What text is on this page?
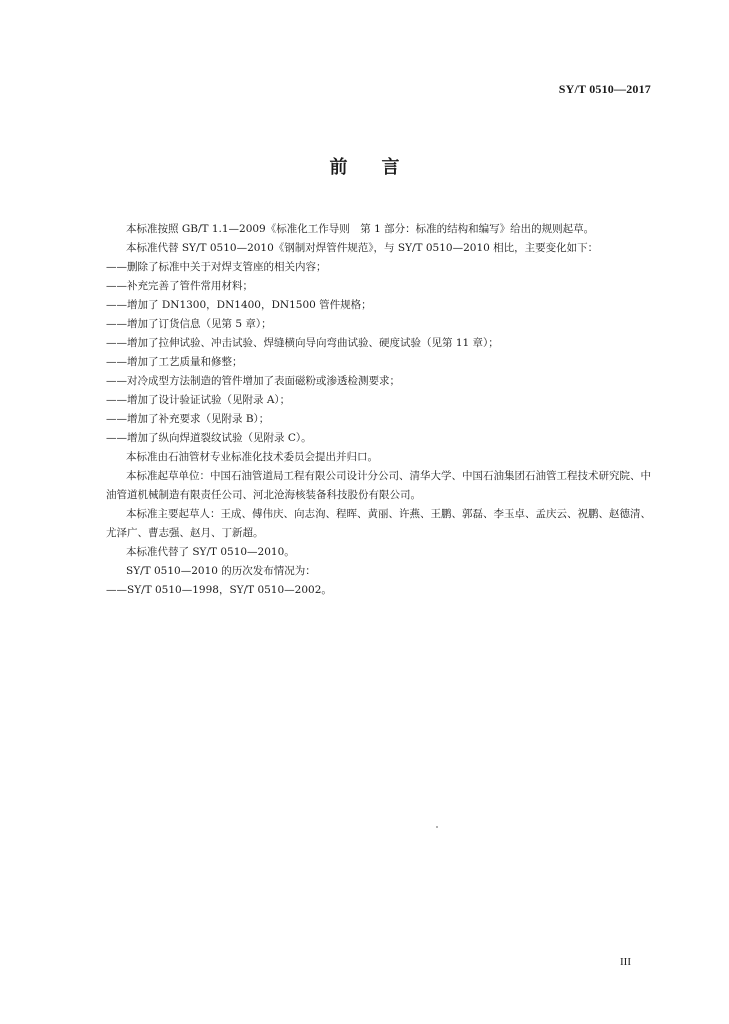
SY/T 0510—2017
前言
本标准按照 GB/T 1.1—2009《标准化工作导则　第 1 部分：标准的结构和编写》给出的规则起草。
本标准代替 SY/T 0510—2010《钢制对焊管件规范》，与 SY/T 0510—2010 相比，主要变化如下：
——删除了标准中关于对焊支管座的相关内容；
——补充完善了管件常用材料；
——增加了 DN1300，DN1400，DN1500 管件规格；
——增加了订货信息（见第 5 章）；
——增加了拉伸试验、冲击试验、焊缝横向导向弯曲试验、硬度试验（见第 11 章）；
——增加了工艺质量和修整；
——对冷成型方法制造的管件增加了表面磁粉或渗透检测要求；
——增加了设计验证试验（见附录 A）；
——增加了补充要求（见附录 B）；
——增加了纵向焊道裂纹试验（见附录 C）。
本标准由石油管材专业标准化技术委员会提出并归口。
本标准起草单位：中国石油管道局工程有限公司设计分公司、清华大学、中国石油集团石油管工程技术研究院、中油管道机械制造有限责任公司、河北沧海核装备科技股份有限公司。
本标准主要起草人：王成、傅伟庆、向志洵、程晖、黄丽、许燕、王鹏、郭磊、李玉卓、孟庆云、祝鹏、赵德清、尤泽广、曹志强、赵月、丁新超。
本标准代替了 SY/T 0510—2010。
SY/T 0510—2010 的历次发布情况为：
——SY/T 0510—1998，SY/T 0510—2002。
III
